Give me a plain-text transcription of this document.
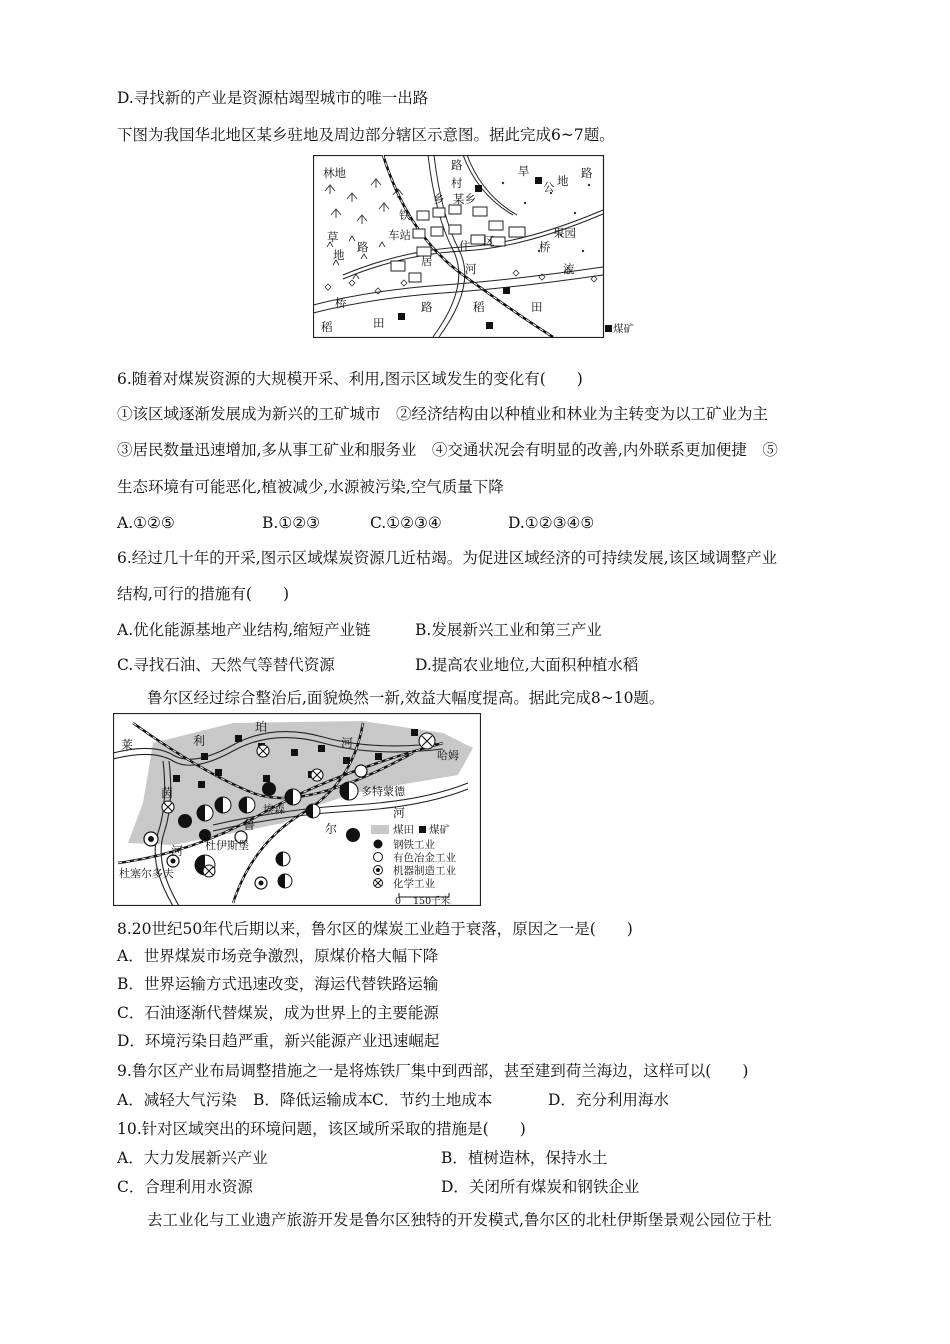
D.寻找新的产业是资源枯竭型城市的唯一出路
下图为我国华北地区某乡驻地及周边部分辖区示意图。据此完成6~7题。
林地
草
地
路
村
乡 某乡
铁
车站
路
居
住 区
旱
地
路
公
果园
桥
河	流
桥
稻	田
路	稻	田
煤矿
6.随着对煤炭资源的大规模开采、利用,图示区域发生的变化有(　　)
①该区域逐渐发展成为新兴的工矿城市　②经济结构由以种植业和林业为主转变为以工矿业为主
③居民数量迅速增加,多从事工矿业和服务业　④交通状况会有明显的改善,内外联系更加便捷　⑤
生态环境有可能恶化,植被减少,水源被污染,空气质量下降
A.①②⑤	B.①②③	C.①②③④	D.①②③④⑤
6.经过几十年的开采,图示区域煤炭资源几近枯竭。为促进区域经济的可持续发展,该区域调整产业
结构,可行的措施有(　　)
A.优化能源基地产业结构,缩短产业链	B.发展新兴工业和第三产业
C.寻找石油、天然气等替代资源	D.提高农业地位,大面积种植水稻
鲁尔区经过综合整治后,面貌焕然一新,效益大幅度提高。据此完成8~10题。
莱	利
珀
河
哈姆
茵	多特蒙德
埃森	河
鲁	尔
杜伊斯堡
河
杜塞尔多夫
煤田 煤矿
钢铁工业
有色冶金工业
机器制造工业
化学工业
0 150千米
8.20世纪50年代后期以来，鲁尔区的煤炭工业趋于衰落，原因之一是(　　)
A．世界煤炭市场竞争激烈，原煤价格大幅下降
B．世界运输方式迅速改变，海运代替铁路运输
C．石油逐渐代替煤炭，成为世界上的主要能源
D．环境污染日趋严重，新兴能源产业迅速崛起
9.鲁尔区产业布局调整措施之一是将炼铁厂集中到西部，甚至建到荷兰海边，这样可以(　　)
A．减轻大气污染 B．降低运输成本 C．节约土地成本	D．充分利用海水
10.针对区域突出的环境问题，该区域所采取的措施是(　　)
A．大力发展新兴产业	B．植树造林，保持水土
C．合理利用水资源	D．关闭所有煤炭和钢铁企业
去工业化与工业遗产旅游开发是鲁尔区独特的开发模式,鲁尔区的北杜伊斯堡景观公园位于杜
